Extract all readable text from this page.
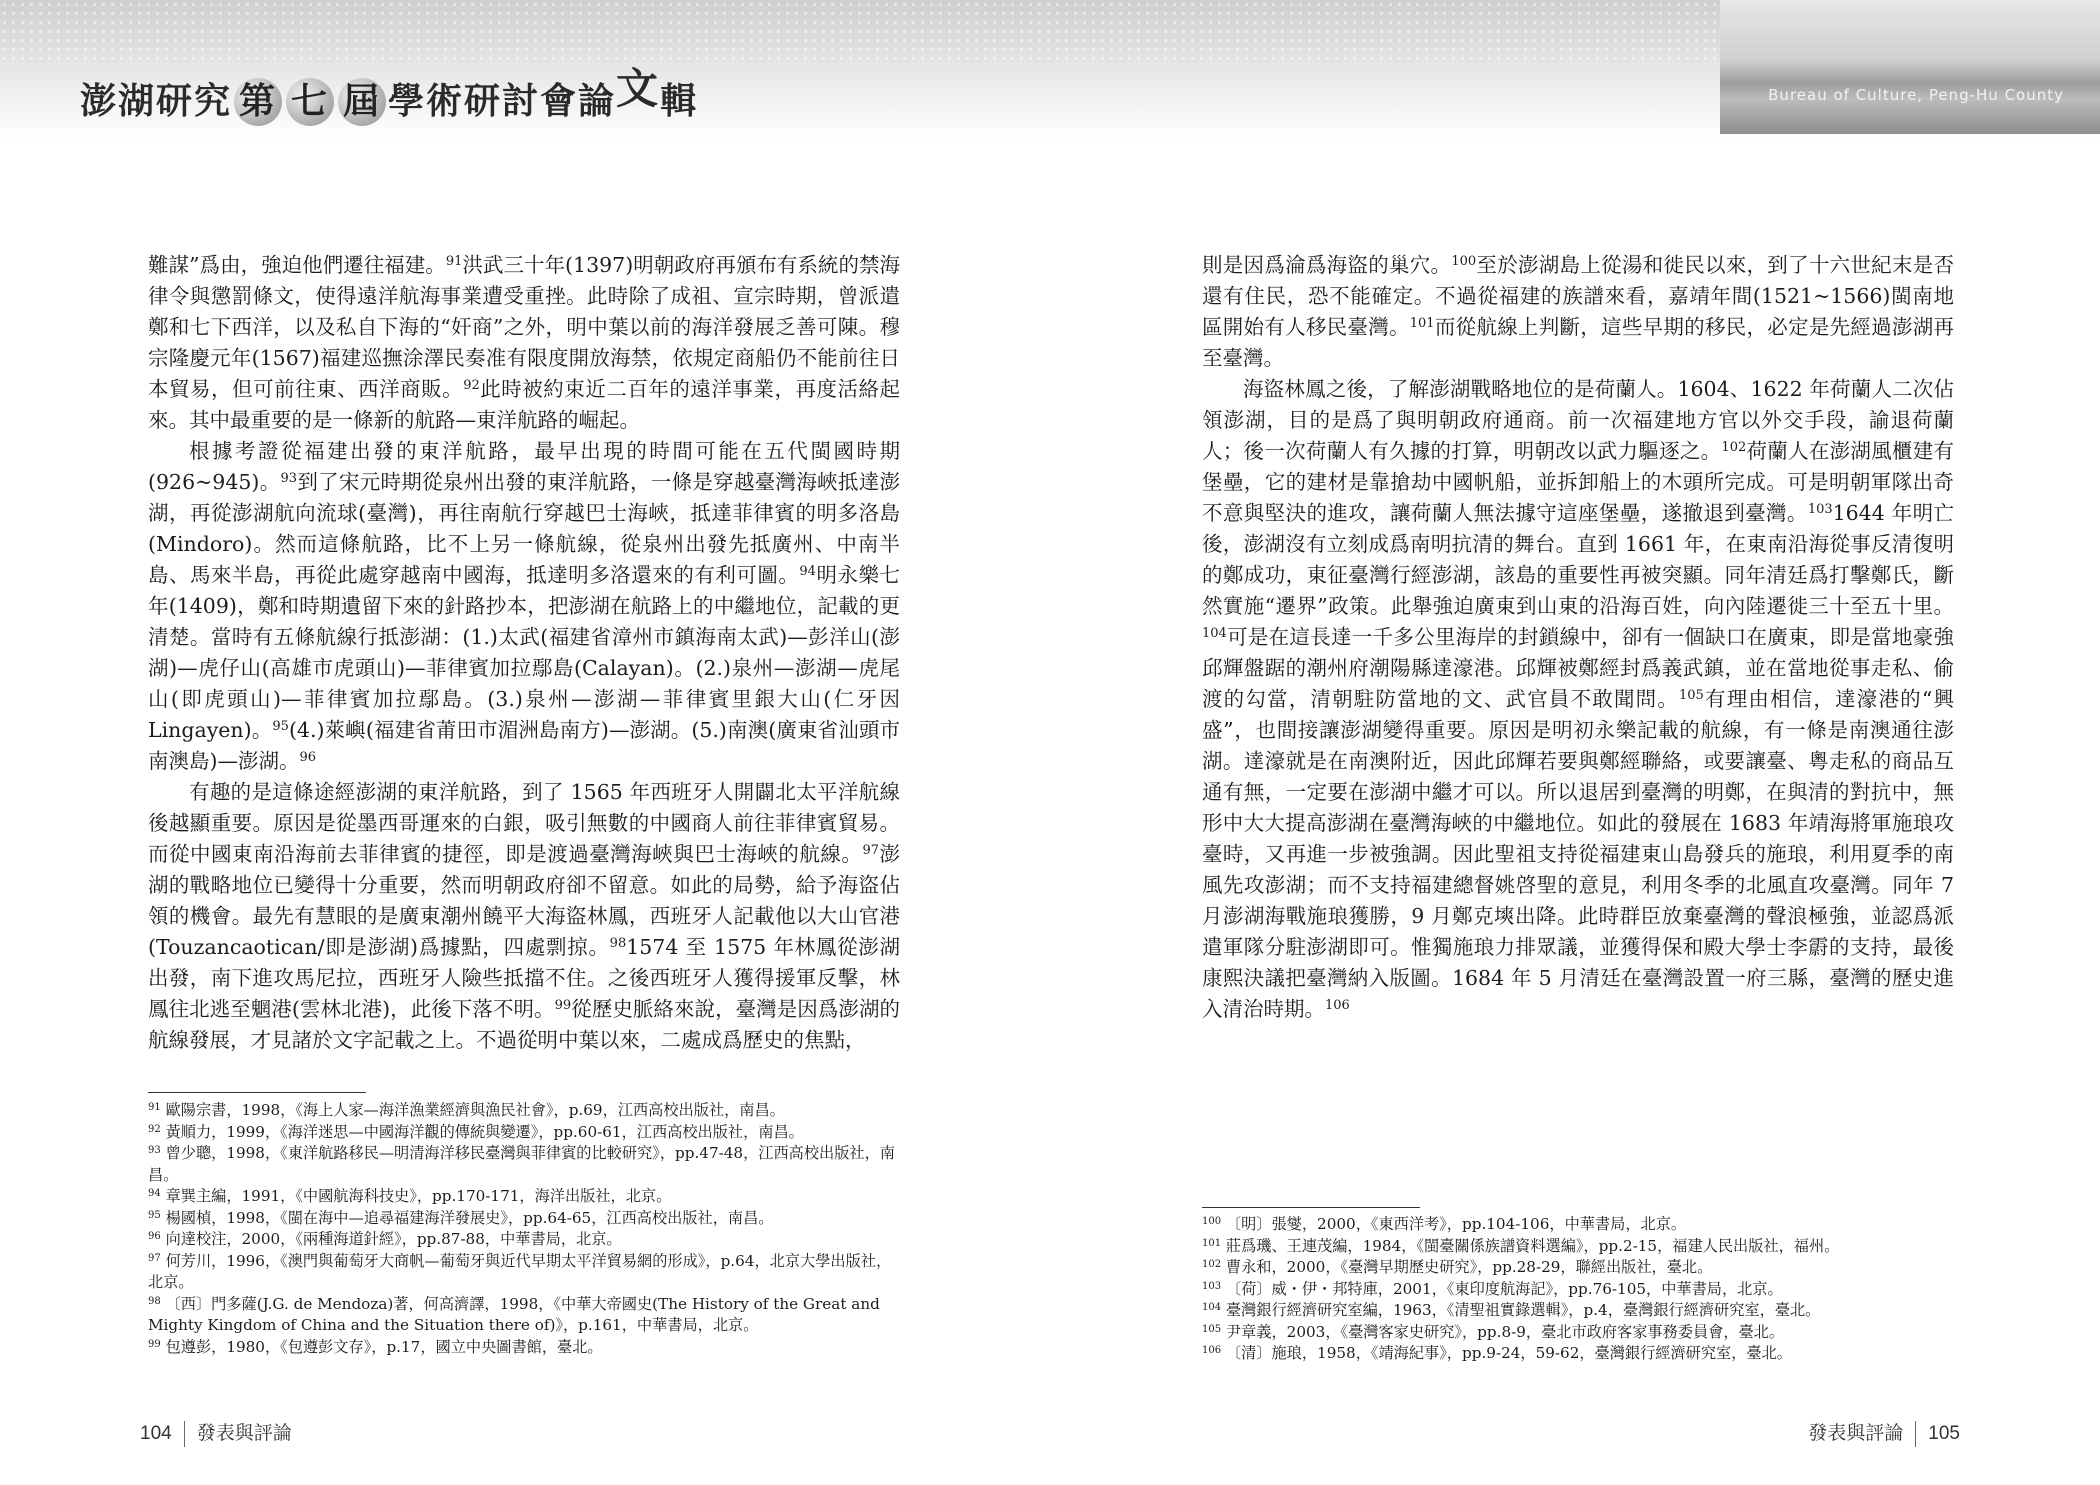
澎湖研究 第 七 屆 學術研討會論文輯	Bureau of Culture, Peng-Hu County

難謀”爲由，強迫他們遷往福建。$^{91}$洪武三十年(1397)明朝政府再頒布有系統的禁海律令與懲罰條文，使得遠洋航海事業遭受重挫。此時除了成祖、宣宗時期，曾派遣鄭和七下西洋，以及私自下海的“奸商”之外，明中葉以前的海洋發展乏善可陳。穆宗隆慶元年(1567)福建巡撫涂澤民奏准有限度開放海禁，依規定商船仍不能前往日本貿易，但可前往東、西洋商販。$^{92}$此時被約束近二百年的遠洋事業，再度活絡起來。其中最重要的是一條新的航路—東洋航路的崛起。

根據考證從福建出發的東洋航路，最早出現的時間可能在五代閩國時期(926~945)。$^{93}$到了宋元時期從泉州出發的東洋航路，一條是穿越臺灣海峽抵達澎湖，再從澎湖航向流球(臺灣)，再往南航行穿越巴士海峽，抵達菲律賓的明多洛島(Mindoro)。然而這條航路，比不上另一條航線，從泉州出發先抵廣州、中南半島、馬來半島，再從此處穿越南中國海，抵達明多洛還來的有利可圖。$^{94}$明永樂七年(1409)，鄭和時期遺留下來的針路抄本，把澎湖在航路上的中繼地位，記載的更清楚。當時有五條航線行抵澎湖：(1.)太武(福建省漳州市鎮海南太武)—彭洋山(澎湖)—虎仔山(高雄市虎頭山)—菲律賓加拉鄢島(Calayan)。(2.)泉州—澎湖—虎尾山(即虎頭山)—菲律賓加拉鄢島。(3.)泉州—澎湖—菲律賓里銀大山(仁牙因 Lingayen)。$^{95}$(4.)萊嶼(福建省莆田市湄洲島南方)—澎湖。(5.)南澳(廣東省汕頭市南澳島)—澎湖。$^{96}$

有趣的是這條途經澎湖的東洋航路，到了 1565 年西班牙人開闢北太平洋航線後越顯重要。原因是從墨西哥運來的白銀，吸引無數的中國商人前往菲律賓貿易。而從中國東南沿海前去菲律賓的捷徑，即是渡過臺灣海峽與巴士海峽的航線。$^{97}$澎湖的戰略地位已變得十分重要，然而明朝政府卻不留意。如此的局勢，給予海盜佔領的機會。最先有慧眼的是廣東潮州饒平大海盜林鳳，西班牙人記載他以大山官港(Touzancaotican/即是澎湖)爲據點，四處剽掠。$^{98}$1574 至 1575 年林鳳從澎湖出發，南下進攻馬尼拉，西班牙人險些抵擋不住。之後西班牙人獲得援軍反擊，林鳳往北逃至魍港(雲林北港)，此後下落不明。$^{99}$從歷史脈絡來說，臺灣是因爲澎湖的航線發展，才見諸於文字記載之上。不過從明中葉以來，二處成爲歷史的焦點，

$^{91}$ 歐陽宗書，1998，《海上人家—海洋漁業經濟與漁民社會》，p.69，江西高校出版社，南昌。
$^{92}$ 黃順力，1999，《海洋迷思—中國海洋觀的傳統與變遷》，pp.60-61，江西高校出版社，南昌。
$^{93}$ 曾少聰，1998，《東洋航路移民—明清海洋移民臺灣與菲律賓的比較研究》，pp.47-48，江西高校出版社，南昌。
$^{94}$ 章巽主編，1991，《中國航海科技史》，pp.170-171，海洋出版社，北京。
$^{95}$ 楊國楨，1998，《閩在海中—追尋福建海洋發展史》，pp.64-65，江西高校出版社，南昌。
$^{96}$ 向達校注，2000，《兩種海道針經》，pp.87-88，中華書局，北京。
$^{97}$ 何芳川，1996，《澳門與葡萄牙大商帆—葡萄牙與近代早期太平洋貿易網的形成》，p.64，北京大學出版社，北京。
$^{98}$ 〔西〕門多薩(J.G. de Mendoza)著，何高濟譯，1998，《中華大帝國史(The History of the Great and Mighty Kingdom of China and the Situation there of)》，p.161，中華書局，北京。
$^{99}$ 包遵彭，1980，《包遵彭文存》，p.17，國立中央圖書館，臺北。

則是因爲淪爲海盜的巢穴。$^{100}$至於澎湖島上從湯和徙民以來，到了十六世紀末是否還有住民，恐不能確定。不過從福建的族譜來看，嘉靖年間(1521~1566)閩南地區開始有人移民臺灣。$^{101}$而從航線上判斷，這些早期的移民，必定是先經過澎湖再至臺灣。

海盜林鳳之後，了解澎湖戰略地位的是荷蘭人。1604、1622 年荷蘭人二次佔領澎湖，目的是爲了與明朝政府通商。前一次福建地方官以外交手段，諭退荷蘭人；後一次荷蘭人有久據的打算，明朝改以武力驅逐之。$^{102}$荷蘭人在澎湖風櫃建有堡壘，它的建材是靠搶劫中國帆船，並拆卸船上的木頭所完成。可是明朝軍隊出奇不意與堅決的進攻，讓荷蘭人無法據守這座堡壘，遂撤退到臺灣。$^{103}$1644 年明亡後，澎湖沒有立刻成爲南明抗清的舞台。直到 1661 年，在東南沿海從事反清復明的鄭成功，東征臺灣行經澎湖，該島的重要性再被突顯。同年清廷爲打擊鄭氏，斷然實施“遷界”政策。此舉強迫廣東到山東的沿海百姓，向內陸遷徙三十至五十里。$^{104}$可是在這長達一千多公里海岸的封鎖線中，卻有一個缺口在廣東，即是當地豪強邱輝盤踞的潮州府潮陽縣達濠港。邱輝被鄭經封爲義武鎮，並在當地從事走私、偷渡的勾當，清朝駐防當地的文、武官員不敢聞問。$^{105}$有理由相信，達濠港的“興盛”，也間接讓澎湖變得重要。原因是明初永樂記載的航線，有一條是南澳通往澎湖。達濠就是在南澳附近，因此邱輝若要與鄭經聯絡，或要讓臺、粵走私的商品互通有無，一定要在澎湖中繼才可以。所以退居到臺灣的明鄭，在與清的對抗中，無形中大大提高澎湖在臺灣海峽的中繼地位。如此的發展在 1683 年靖海將軍施琅攻臺時，又再進一步被強調。因此聖祖支持從福建東山島發兵的施琅，利用夏季的南風先攻澎湖；而不支持福建總督姚啓聖的意見，利用冬季的北風直攻臺灣。同年 7 月澎湖海戰施琅獲勝，9 月鄭克塽出降。此時群臣放棄臺灣的聲浪極強，並認爲派遣軍隊分駐澎湖即可。惟獨施琅力排眾議，並獲得保和殿大學士李霨的支持，最後康熙決議把臺灣納入版圖。1684 年 5 月清廷在臺灣設置一府三縣，臺灣的歷史進入清治時期。$^{106}$

$^{100}$ 〔明〕張燮，2000，《東西洋考》，pp.104-106，中華書局，北京。
$^{101}$ 莊爲璣、王連茂編，1984，《閩臺關係族譜資料選編》，pp.2-15，福建人民出版社，福州。
$^{102}$ 曹永和，2000，《臺灣早期歷史研究》，pp.28-29，聯經出版社，臺北。
$^{103}$ 〔荷〕威・伊・邦特庫，2001，《東印度航海記》，pp.76-105，中華書局，北京。
$^{104}$ 臺灣銀行經濟研究室編，1963，《清聖祖實錄選輯》，p.4，臺灣銀行經濟研究室，臺北。
$^{105}$ 尹章義，2003，《臺灣客家史研究》，pp.8-9，臺北市政府客家事務委員會，臺北。
$^{106}$ 〔清〕施琅，1958，《靖海紀事》，pp.9-24，59-62，臺灣銀行經濟研究室，臺北。
104 發表與評論	發表與評論 105
